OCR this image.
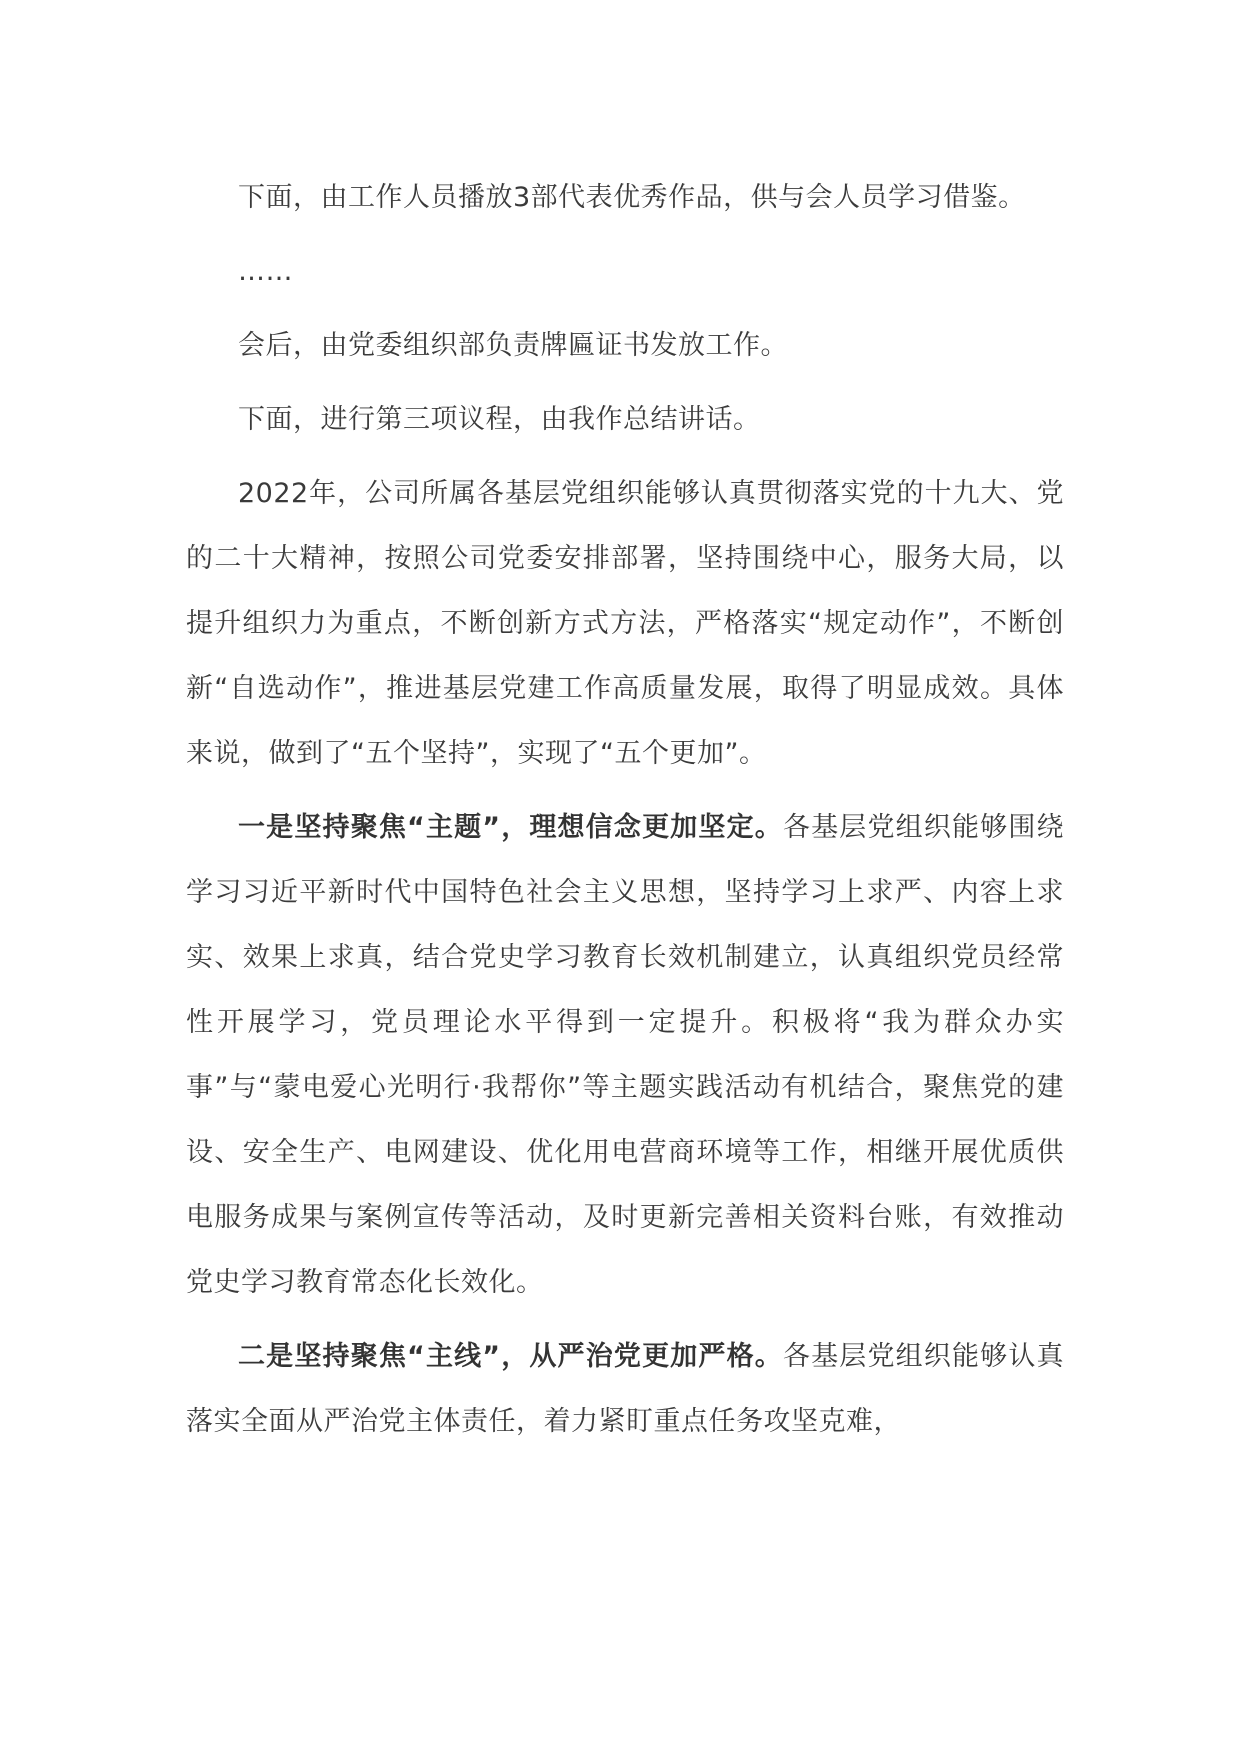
下面，由工作人员播放3部代表优秀作品，供与会人员学习借鉴。

……

会后，由党委组织部负责牌匾证书发放工作。

下面，进行第三项议程，由我作总结讲话。

2022年，公司所属各基层党组织能够认真贯彻落实党的十九大、党的二十大精神，按照公司党委安排部署，坚持围绕中心，服务大局，以提升组织力为重点，不断创新方式方法，严格落实“规定动作”，不断创新“自选动作”，推进基层党建工作高质量发展，取得了明显成效。具体来说，做到了“五个坚持”，实现了“五个更加”。

一是坚持聚焦“主题”，理想信念更加坚定。各基层党组织能够围绕学习习近平新时代中国特色社会主义思想，坚持学习上求严、内容上求实、效果上求真，结合党史学习教育长效机制建立，认真组织党员经常性开展学习，党员理论水平得到一定提升。积极将“我为群众办实事”与“蒙电爱心光明行·我帮你”等主题实践活动有机结合，聚焦党的建设、安全生产、电网建设、优化用电营商环境等工作，相继开展优质供电服务成果与案例宣传等活动，及时更新完善相关资料台账，有效推动党史学习教育常态化长效化。

二是坚持聚焦“主线”，从严治党更加严格。各基层党组织能够认真落实全面从严治党主体责任，着力紧盯重点任务攻坚克难，
